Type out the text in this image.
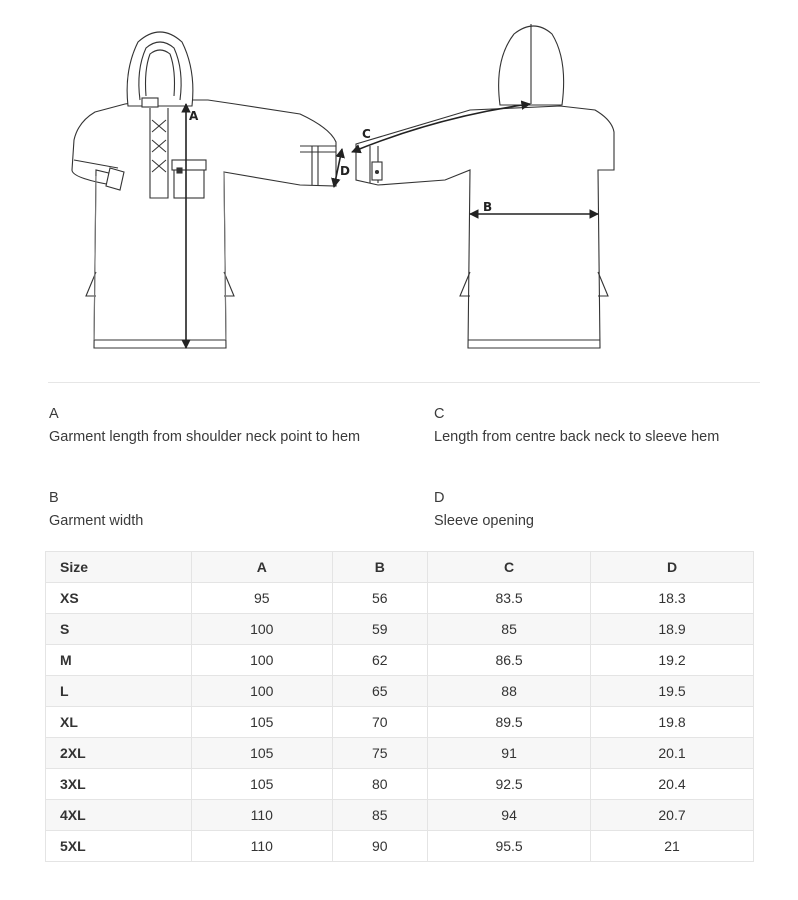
A
C
D
B
A
Garment length from shoulder neck point to hem
B
Garment width
C
Length from centre back neck to sleeve hem
D
Sleeve opening
Size	A	B	C	D
XS	95	56	83.5	18.3
S	100	59	85	18.9
M	100	62	86.5	19.2
L	100	65	88	19.5
XL	105	70	89.5	19.8
2XL	105	75	91	20.1
3XL	105	80	92.5	20.4
4XL	110	85	94	20.7
5XL	110	90	95.5	21
